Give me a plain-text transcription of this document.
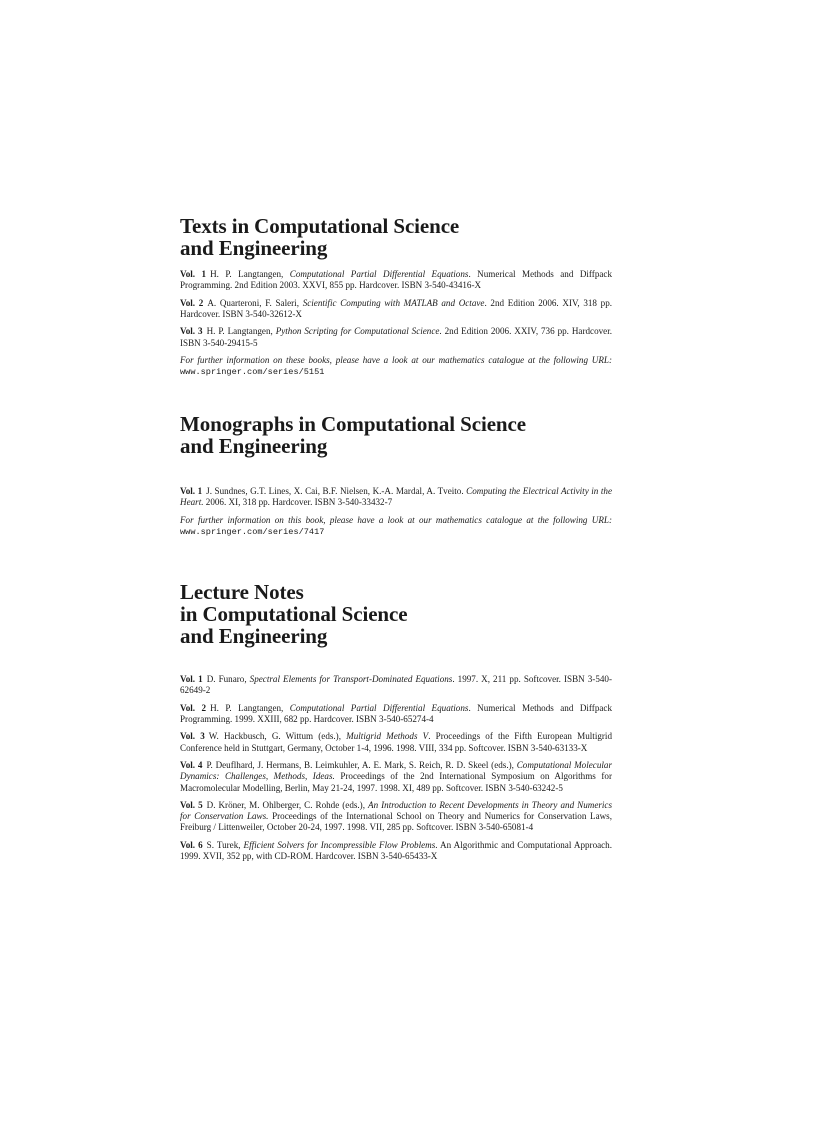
Texts in Computational Science
and Engineering

Vol. 1 H. P. Langtangen, Computational Partial Differential Equations. Numerical Methods and Diffpack Programming. 2nd Edition 2003. XXVI, 855 pp. Hardcover. ISBN 3-540-43416-X

Vol. 2 A. Quarteroni, F. Saleri, Scientific Computing with MATLAB and Octave. 2nd Edition 2006. XIV, 318 pp. Hardcover. ISBN 3-540-32612-X

Vol. 3 H. P. Langtangen, Python Scripting for Computational Science. 2nd Edition 2006. XXIV, 736 pp. Hardcover. ISBN 3-540-29415-5

For further information on these books, please have a look at our mathematics catalogue at the following URL: www.springer.com/series/5151

Monographs in Computational Science
and Engineering

Vol. 1 J. Sundnes, G.T. Lines, X. Cai, B.F. Nielsen, K.-A. Mardal, A. Tveito. Computing the Electrical Activity in the Heart. 2006. XI, 318 pp. Hardcover. ISBN 3-540-33432-7

For further information on this book, please have a look at our mathematics catalogue at the following URL: www.springer.com/series/7417

Lecture Notes
in Computational Science
and Engineering

Vol. 1 D. Funaro, Spectral Elements for Transport-Dominated Equations. 1997. X, 211 pp. Softcover. ISBN 3-540-62649-2

Vol. 2 H. P. Langtangen, Computational Partial Differential Equations. Numerical Methods and Diffpack Programming. 1999. XXIII, 682 pp. Hardcover. ISBN 3-540-65274-4

Vol. 3 W. Hackbusch, G. Wittum (eds.), Multigrid Methods V. Proceedings of the Fifth European Multigrid Conference held in Stuttgart, Germany, October 1-4, 1996. 1998. VIII, 334 pp. Softcover. ISBN 3-540-63133-X

Vol. 4 P. Deuflhard, J. Hermans, B. Leimkuhler, A. E. Mark, S. Reich, R. D. Skeel (eds.), Computational Molecular Dynamics: Challenges, Methods, Ideas. Proceedings of the 2nd International Symposium on Algorithms for Macromolecular Modelling, Berlin, May 21-24, 1997. 1998. XI, 489 pp. Softcover. ISBN 3-540-63242-5

Vol. 5 D. Kröner, M. Ohlberger, C. Rohde (eds.), An Introduction to Recent Developments in Theory and Numerics for Conservation Laws. Proceedings of the International School on Theory and Numerics for Conservation Laws, Freiburg / Littenweiler, October 20-24, 1997. 1998. VII, 285 pp. Softcover. ISBN 3-540-65081-4

Vol. 6 S. Turek, Efficient Solvers for Incompressible Flow Problems. An Algorithmic and Computational Approach. 1999. XVII, 352 pp, with CD-ROM. Hardcover. ISBN 3-540-65433-X
